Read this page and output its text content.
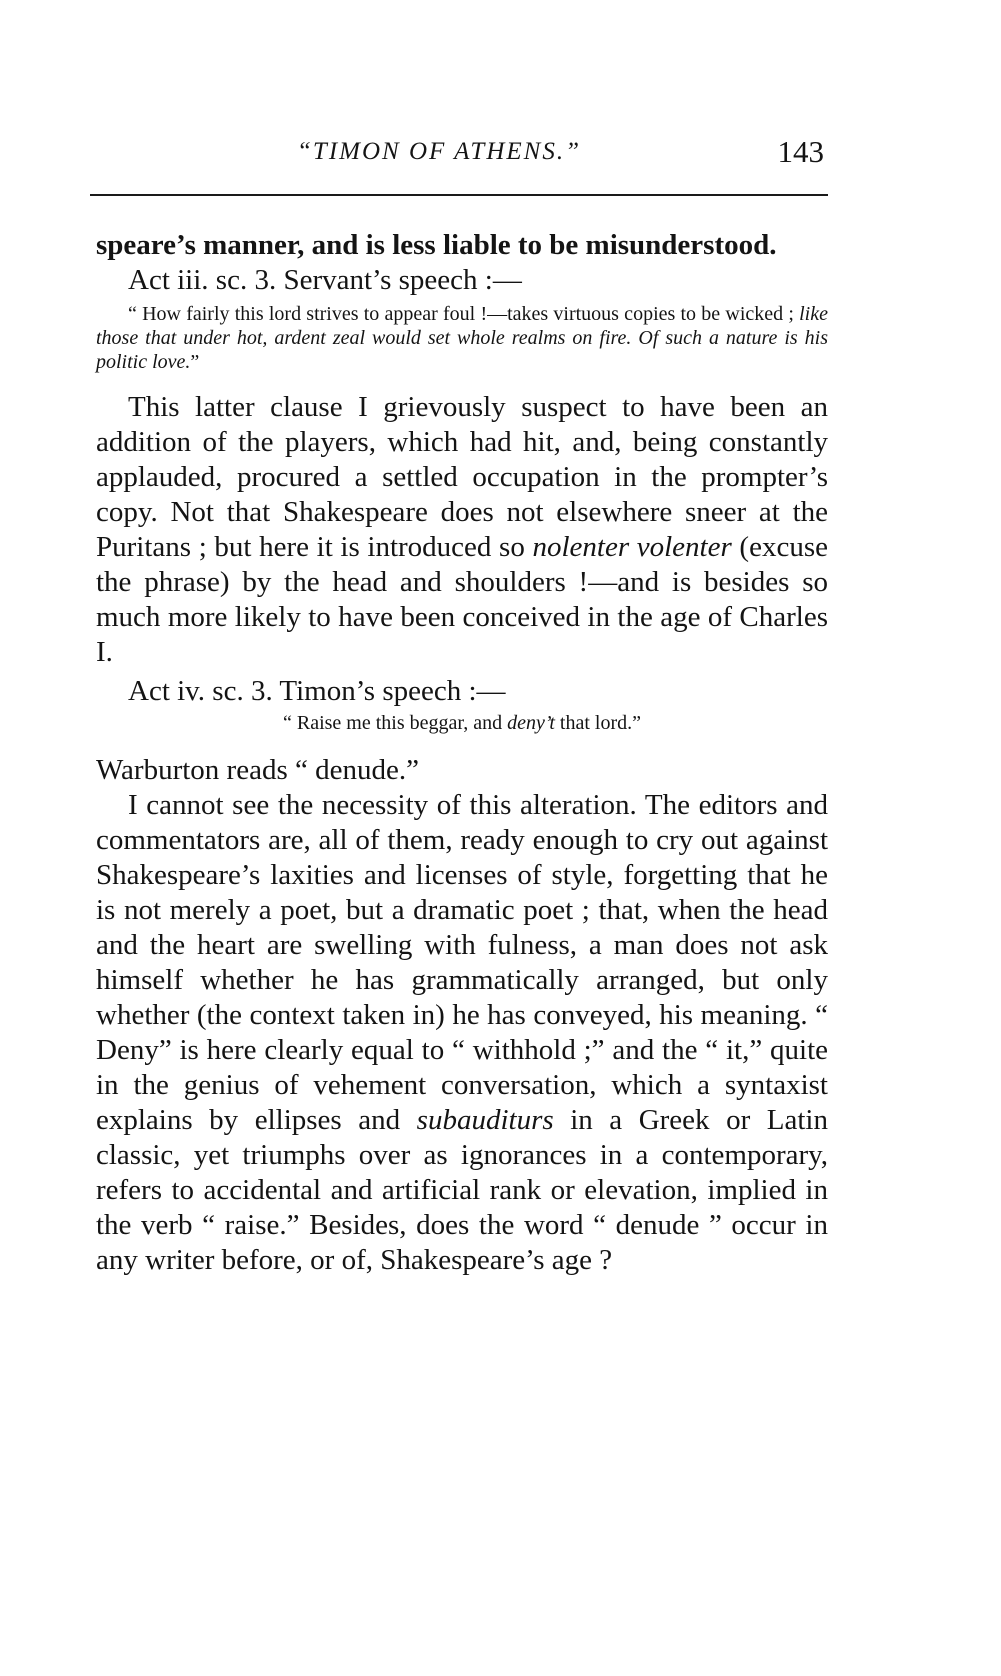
“TIMON OF ATHENS.”	143

speare’s manner, and is less liable to be misunderstood.

Act iii. sc. 3. Servant’s speech :—

“ How fairly this lord strives to appear foul !—takes virtuous copies to be wicked ; like those that under hot, ardent zeal would set whole realms on fire. Of such a nature is his politic love.”

This latter clause I grievously suspect to have been an addition of the players, which had hit, and, being constantly applauded, procured a settled occupation in the prompter’s copy. Not that Shakespeare does not elsewhere sneer at the Puritans ; but here it is introduced so nolenter volenter (excuse the phrase) by the head and shoulders !—and is besides so much more likely to have been conceived in the age of Charles I.

Act iv. sc. 3. Timon’s speech :—

“ Raise me this beggar, and deny’t that lord.”

Warburton reads “ denude.”

I cannot see the necessity of this alteration. The editors and commentators are, all of them, ready enough to cry out against Shakespeare’s laxities and licenses of style, forgetting that he is not merely a poet, but a dramatic poet ; that, when the head and the heart are swelling with fulness, a man does not ask himself whether he has grammatically arranged, but only whether (the context taken in) he has conveyed, his meaning. “ Deny” is here clearly equal to “ withhold ;” and the “ it,” quite in the genius of vehement conversation, which a syntaxist explains by ellipses and subauditurs in a Greek or Latin classic, yet triumphs over as ignorances in a contemporary, refers to accidental and artificial rank or elevation, implied in the verb “ raise.” Besides, does the word “ denude ” occur in any writer before, or of, Shakespeare’s age ?
